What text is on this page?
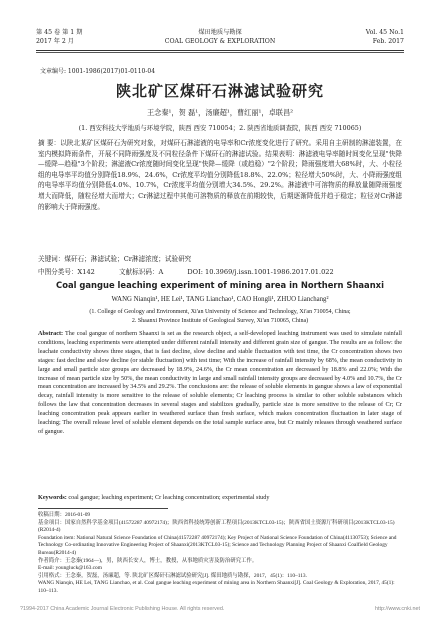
第 45 卷 第 1 期
2017 年 2 月
煤田地质与勘探
COAL GEOLOGY & EXPLORATION
Vol. 45 No.1
Feb. 2017
文章编号: 1001-1986(2017)01-0110-04
陕北矿区煤矸石淋滤试验研究
王念秦¹，贺 磊¹，汤廉超¹，曹红丽¹，卓联昌²
(1. 西安科技大学地质与环境学院，陕西 西安 710054；2. 陕西省地质调查院，陕西 西安 710065)
摘 要：以陕北某矿区煤矸石为研究对象，对煤矸石淋滤液的电导率和Cr浓度变化进行了研究。采用自主研制的淋滤装置，在室内模拟降雨条件，开展不同降雨强度及不同粒径条件下煤矸石的淋滤试验。结果表明：淋滤液电导率随时间变化呈现"快降—缓降—趋稳"3个阶段；淋滤液Cr浓度随时间变化呈现"快降—缓降（或趋稳）"2个阶段；降雨强度增大68%时，大、小粒径组的电导率平均值分别降低18.9%、24.6%，Cr浓度平均值分别降低18.8%、22.0%；粒径增大50%时，大、小降雨强度组的电导率平均值分别降低4.0%、10.7%，Cr浓度平均值分别增大34.5%、29.2%。淋滤液中可溶物质的释放量随降雨强度增大而降低，随粒径增大而增大；Cr淋滤过程中其他可溶物质的释放在前期较快，后期逐渐降低并趋于稳定；粒径对Cr淋滤的影响大于降雨强度。
关键词：煤矸石；淋滤试验；Cr淋滤浓度；试验研究
中图分类号：X142	文献标识码：A	DOI: 10.3969/j.issn.1001-1986.2017.01.022
Coal gangue leaching experiment of mining area in Northern Shaanxi
WANG Nianqin¹, HE Lei¹, TANG Lianchao¹, CAO Hongli¹, ZHUO Lianchang²
(1. College of Geology and Environment, Xi'an University of Science and Technology, Xi'an 710054, China;
2. Shaanxi Province Institute of Geological Survey, Xi'an 710065, China)
Abstract: The coal gangue of northern Shaanxi is set as the research object, a self-developed leaching instrument was used to simulate rainfall conditions, leaching experiments were attempted under different rainfall intensity and different grain size of gangue. The results are as follow: the leachate conductivity shows three stages, that is fast decline, slow decline and stable fluctuation with test time, the Cr concentration shows two stages: fast decline and slow decline (or stable fluctuation) with test time; With the increase of rainfall intensity by 68%, the mean conductivity in large and small particle size groups are decreased by 18.9%, 24.6%, the Cr mean concentration are decreased by 18.8% and 22.0%; With the increase of mean particle size by 50%, the mean conductivity in large and small rainfall intensity groups are decreased by 4.0% and 10.7%, the Cr mean concentration are increased by 34.5% and 29.2%. The conclusions are: the release of soluble elements in gangue shows a law of exponential decay, rainfall intensity is more sensitive to the release of soluble elements; Cr leaching process is similar to other soluble substances which follows the law that concentration decreases in several stages and stabilizes gradually, particle size is more sensitive to the release of Cr; Cr leaching concentration peak appears earlier in weathered surface than fresh surface, which makes concentration fluctuation in later stage of leaching; The overall release level of soluble element depends on the total sample surface area, but Cr mainly releases through weathered surface of gangue.
Keywords: coal gangue; leaching experiment; Cr leaching concentration; experimental study
收稿日期：2016-01-09
基金项目：国家自然科学基金项目(41572287 40972174)；陕西省科技统筹创新工程项目(2013KTCL03-15)；陕西省国土资源厅科研项目(2013KTCL03-15)(R2014-4)
Foundation item: National Natural Science Foundation of China(41572287 40972174); Key Project of National Science Foundation of China(41130753); Science and Technology Co-ordinating Innovative Engineering Project of Shaanxi(2013KTCL03-15); Science and Technology Planning Project of Shaanxi Coalfield Geology Bureau(R2014-4)
作者简介：王念秦(1964—)，男，陕西长安人，博士，教授，从事地质灾害及防治研究工作。
E-mail: youngluck@163.com
引用格式：王念秦，贺磊，汤廉超，等. 陕北矿区煤矸石淋滤试验研究[J]. 煤田地质与勘探，2017，45(1)：110–113.
WANG Nianqin, HE Lei, TANG Lianchao, et al. Coal gangue leaching experiment of mining area in Northern Shaanxi[J]. Coal Geology & Exploration, 2017, 45(1): 110–113.
?1994-2017 China Academic Journal Electronic Publishing House. All rights reserved.	http://www.cnki.net
